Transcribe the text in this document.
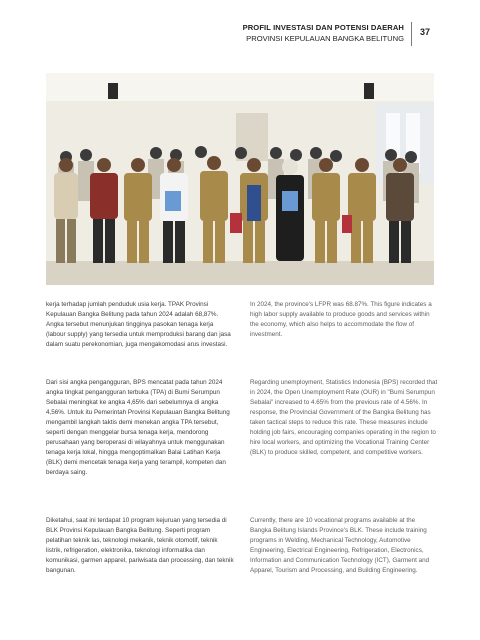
PROFIL INVESTASI DAN POTENSI DAERAH
PROVINSI KEPULAUAN BANGKA BELITUNG
37

kerja terhadap jumlah penduduk usia kerja. TPAK Provinsi Kepulauan Bangka Belitung pada tahun 2024 adalah 68,87%. Angka tersebut menunjukan tingginya pasokan tenaga kerja (labour supply) yang tersedia untuk memproduksi barang dan jasa dalam suatu perekonomian, juga mengakomodasi arus investasi.

Dari sisi angka pengangguran, BPS mencatat pada tahun 2024 angka tingkat pengangguran terbuka (TPA) di Bumi Serumpun Sebalai meningkat ke angka 4,65% dari sebelumnya di angka 4,56%. Untuk itu Pemerintah Provinsi Kepulauan Bangka Belitung mengambil langkah taktis demi menekan angka TPA tersebut, seperti dengan menggelar bursa tenaga kerja, mendorong perusahaan yang beroperasi di wilayahnya untuk menggunakan tenaga kerja lokal, hingga mengoptimalkan Balai Latihan Kerja (BLK) demi mencetak tenaga kerja yang terampil, kompeten dan berdaya saing.

Diketahui, saat ini terdapat 10 program kejuruan yang tersedia di BLK Provinsi Kepulauan Bangka Belitung. Seperti program pelatihan teknik las, teknologi mekanik, teknik otomotif, teknik listrik, refrigeration, elektronika, teknologi informatika dan komunikasi, garmen apparel, pariwisata dan processing, dan teknik bangunan.

In 2024, the province's LFPR was 68.87%. This figure indicates a high labor supply available to produce goods and services within the economy, which also helps to accommodate the flow of investment.

Regarding unemployment, Statistics Indonesia (BPS) recorded that in 2024, the Open Unemployment Rate (OUR) in "Bumi Serumpun Sebalai" increased to 4.65% from the previous rate of 4.56%. In response, the Provincial Government of the Bangka Belitung has taken tactical steps to reduce this rate. These measures include holding job fairs, encouraging companies operating in the region to hire local workers, and optimizing the Vocational Training Center (BLK) to produce skilled, competent, and competitive workers.

Currently, there are 10 vocational programs available at the Bangka Belitung Islands Province's BLK. These include training programs in Welding, Mechanical Technology, Automotive Engineering, Electrical Engineering, Refrigeration, Electronics, Information and Communication Technology (ICT), Garment and Apparel, Tourism and Processing, and Building Engineering.
